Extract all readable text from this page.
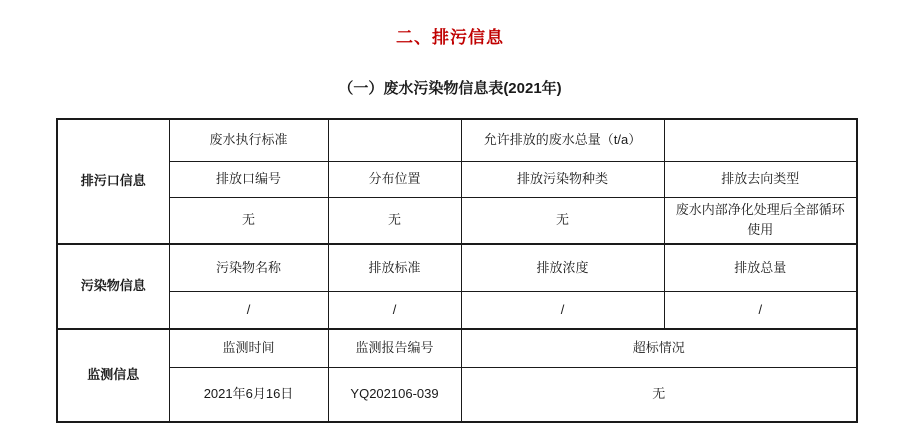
二、排污信息
（一）废水污染物信息表(2021年)
排污口信息	废水执行标准		允许排放的废水总量（t/a）	
	排放口编号	分布位置	排放污染物种类	排放去向类型
	无	无	无	废水内部净化处理后全部循环使用
污染物信息	污染物名称	排放标准	排放浓度	排放总量
	/	/	/	/
监测信息	监测时间	监测报告编号	超标情况	
	2021年6月16日	YQ202106-039	无	
